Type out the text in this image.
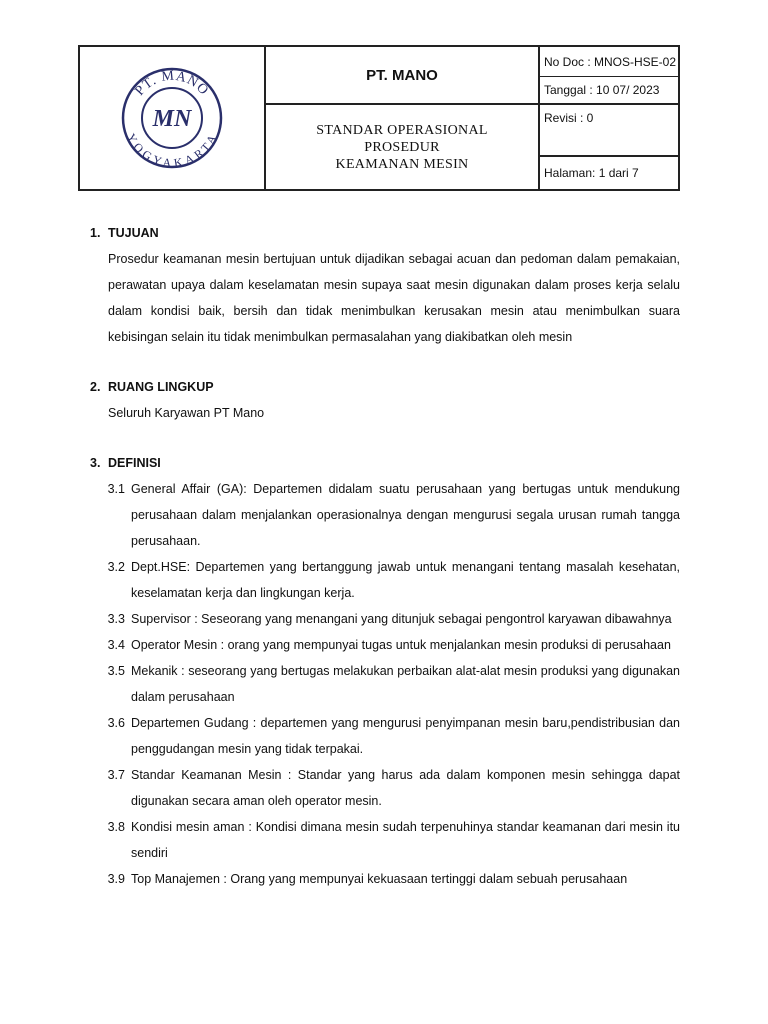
PT. MANO
YOGYAKARTA
MN
PT. MANO
STANDAR OPERASIONAL
PROSEDUR
KEAMANAN MESIN
No Doc : MNOS-HSE-02
Tanggal : 10 07/ 2023
Revisi : 0
Halaman: 1 dari 7
1. TUJUAN
Prosedur keamanan mesin bertujuan untuk dijadikan sebagai acuan dan pedoman dalam pemakaian, perawatan upaya dalam keselamatan mesin supaya saat mesin digunakan dalam proses kerja selalu dalam kondisi baik, bersih dan tidak menimbulkan kerusakan mesin atau menimbulkan suara kebisingan selain itu tidak menimbulkan permasalahan yang diakibatkan oleh mesin
2. RUANG LINGKUP
Seluruh Karyawan PT Mano
3. DEFINISI
3.1 General Affair (GA): Departemen didalam suatu perusahaan yang bertugas untuk mendukung perusahaan dalam menjalankan operasionalnya dengan mengurusi segala urusan rumah tangga perusahaan.
3.2 Dept.HSE: Departemen yang bertanggung jawab untuk menangani tentang masalah kesehatan, keselamatan kerja dan lingkungan kerja.
3.3 Supervisor : Seseorang yang menangani yang ditunjuk sebagai pengontrol karyawan dibawahnya
3.4 Operator Mesin : orang yang mempunyai tugas untuk menjalankan mesin produksi di perusahaan
3.5 Mekanik : seseorang yang bertugas melakukan perbaikan alat-alat mesin produksi yang digunakan dalam perusahaan
3.6 Departemen Gudang : departemen yang mengurusi penyimpanan mesin baru,pendistribusian dan penggudangan mesin yang tidak terpakai.
3.7 Standar Keamanan Mesin : Standar yang harus ada dalam komponen mesin sehingga dapat digunakan secara aman oleh operator mesin.
3.8 Kondisi mesin aman : Kondisi dimana mesin sudah terpenuhinya standar keamanan dari mesin itu sendiri
3.9 Top Manajemen : Orang yang mempunyai kekuasaan tertinggi dalam sebuah perusahaan
